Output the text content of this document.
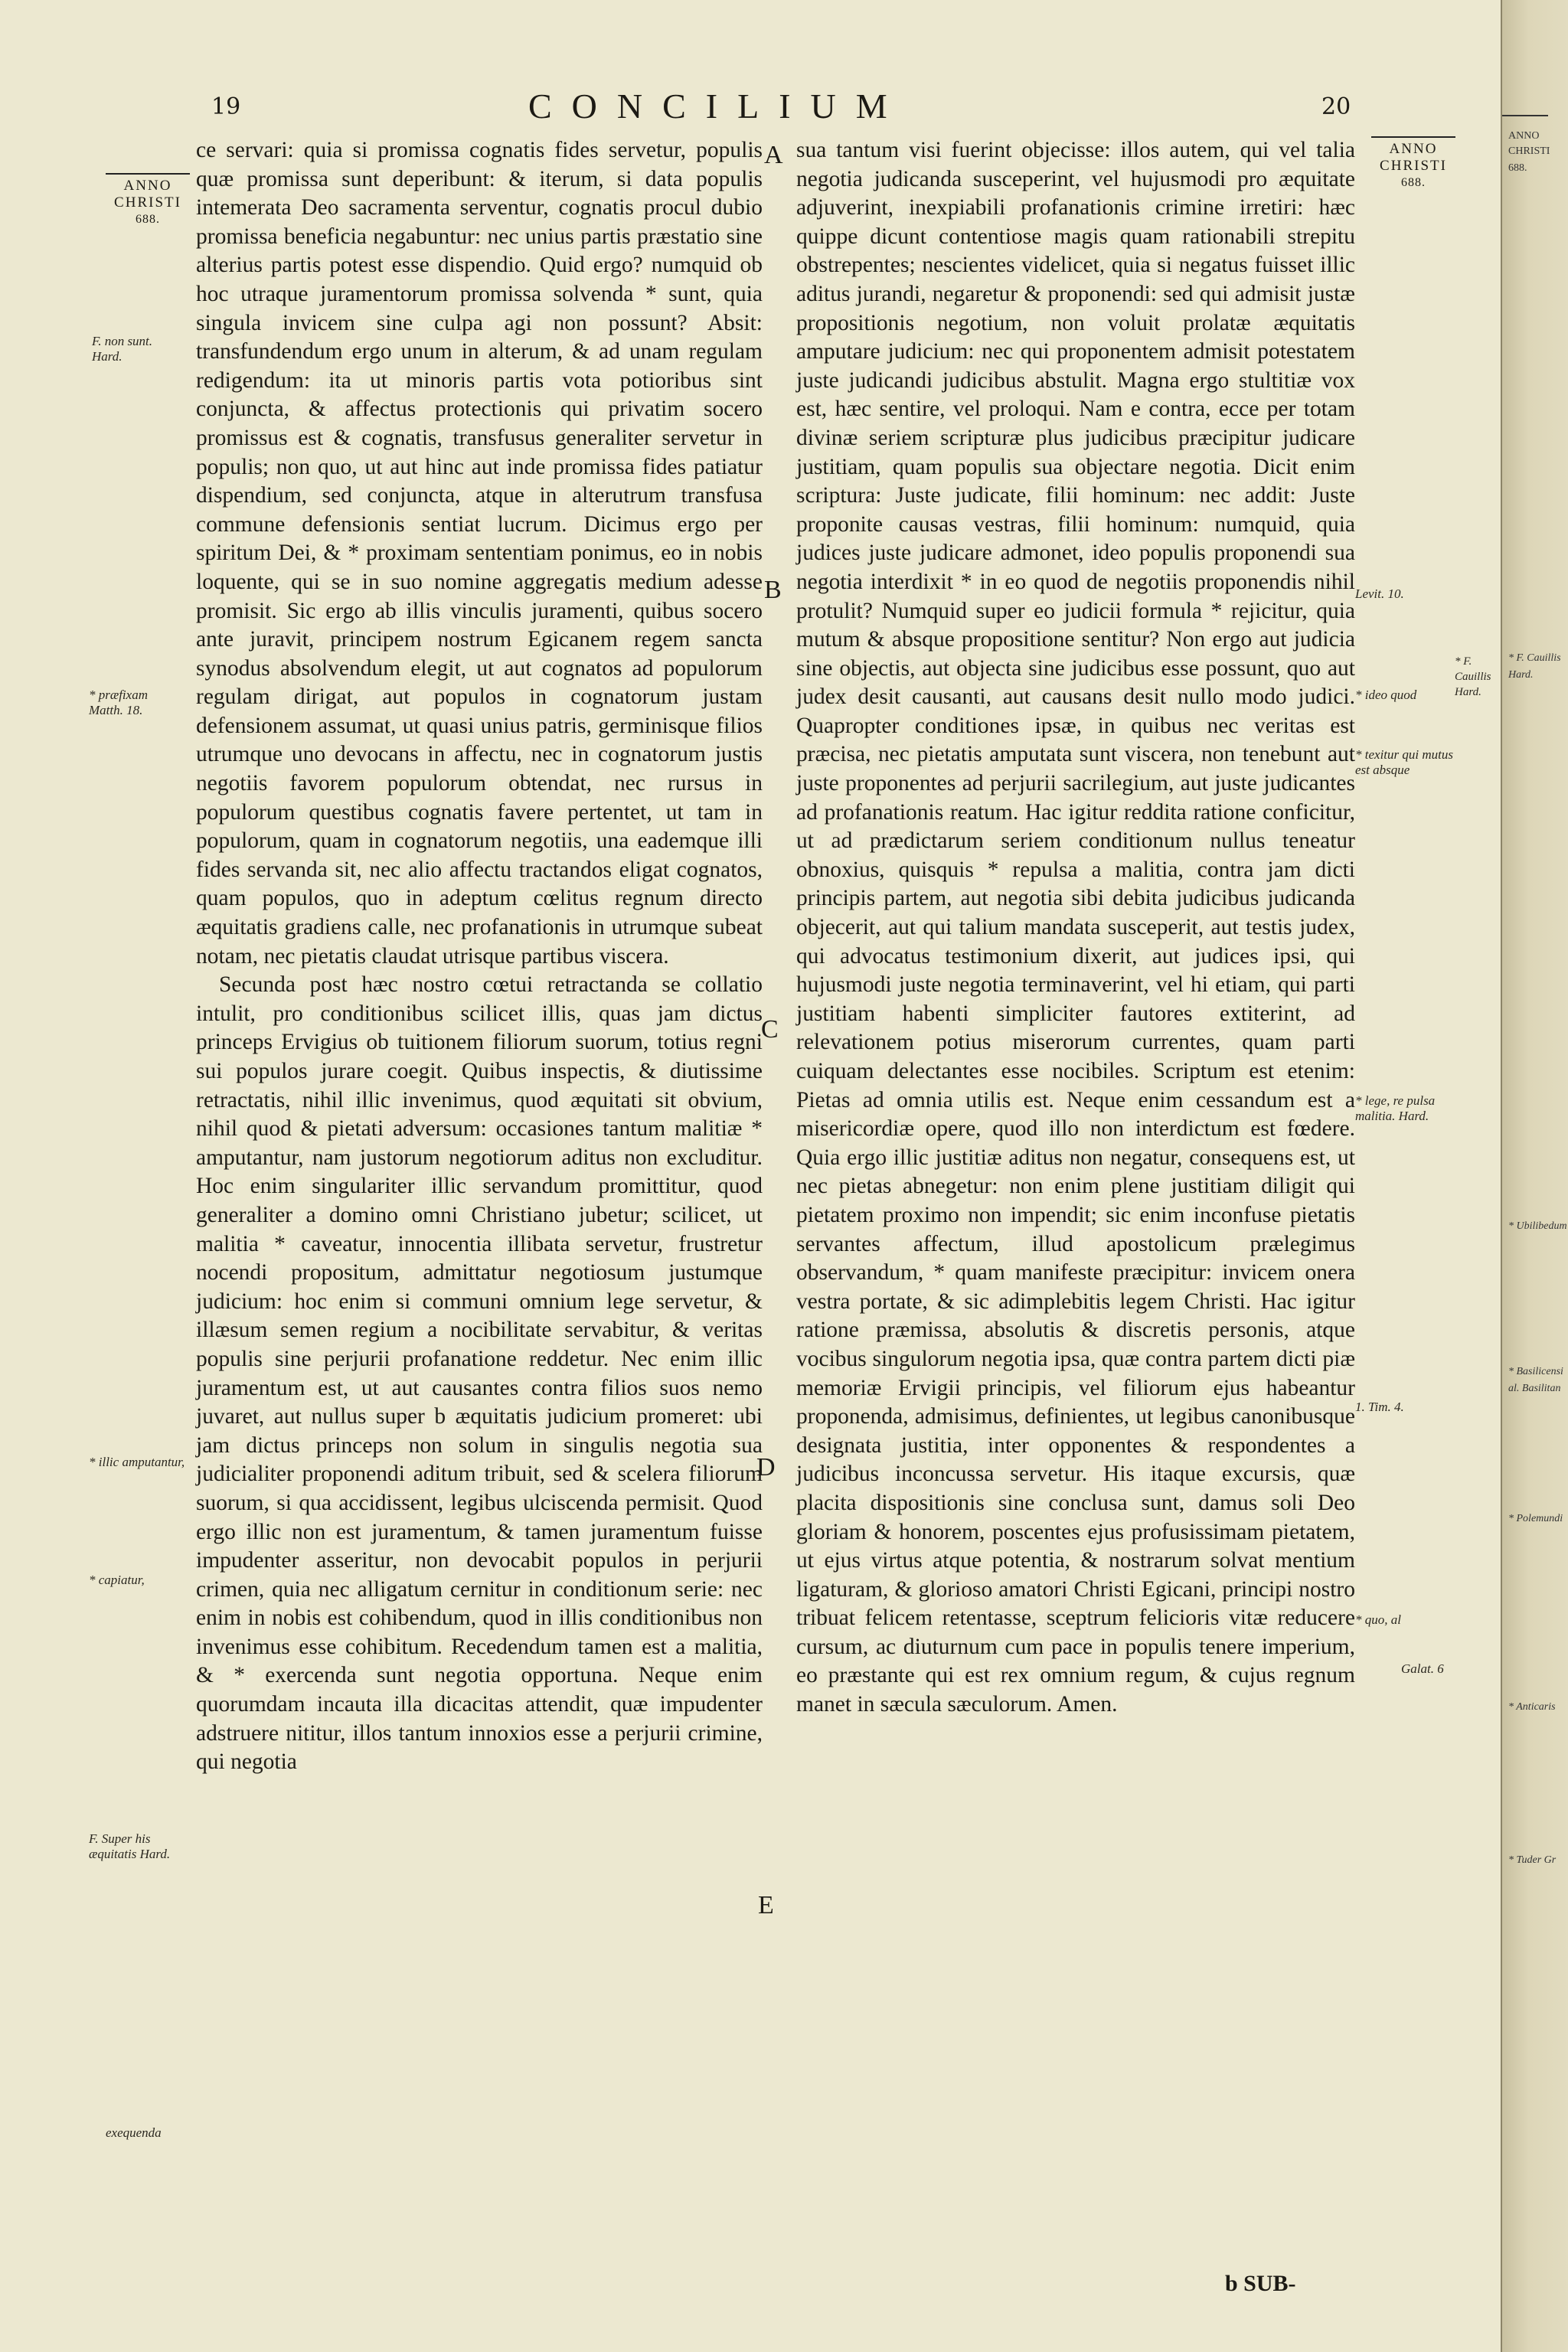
19	CONCILIUM	20
ANNO
CHRISTI
688.
ANNO
CHRISTI
688.
F. non sunt. Hard.
* præfixam Matth. 18.
* illic amputantur,
* capiatur,
F. Super his æquitatis Hard.
exequenda
Levit. 10.
* ideo quod
* texitur qui mutus est absque
* lege, re pulsa malitia. Hard.
1. Tim. 4.
* quo, al
Galat. 6
A
B
C
D
E

ce servari: quia si promissa cognatis fides servetur, populis quæ promissa sunt deperibunt: & iterum, si data populis intemerata Deo sacramenta serventur, cognatis procul dubio promissa beneficia negabuntur: nec unius partis præstatio sine alterius partis potest esse dispendio. Quid ergo? numquid ob hoc utraque juramentorum promissa solvenda * sunt, quia singula invicem sine culpa agi non possunt? Absit: transfundendum ergo unum in alterum, & ad unam regulam redigendum: ita ut minoris partis vota potioribus sint conjuncta, & affectus protectionis qui privatim socero promissus est & cognatis, transfusus generaliter servetur in populis; non quo, ut aut hinc aut inde promissa fides patiatur dispendium, sed conjuncta, atque in alterutrum transfusa commune defensionis sentiat lucrum. Dicimus ergo per spiritum Dei, & * proximam sententiam ponimus, eo in nobis loquente, qui se in suo nomine aggregatis medium adesse promisit. Sic ergo ab illis vinculis juramenti, quibus socero ante juravit, principem nostrum Egicanem regem sancta synodus absolvendum elegit, ut aut cognatos ad populorum regulam dirigat, aut populos in cognatorum justam defensionem assumat, ut quasi unius patris, germinisque filios utrumque uno devocans in affectu, nec in cognatorum justis negotiis favorem populorum obtendat, nec rursus in populorum questibus cognatis favere pertentet, ut tam in populorum, quam in cognatorum negotiis, una eademque illi fides servanda sit, nec alio affectu tractandos eligat cognatos, quam populos, quo in adeptum cœlitus regnum directo æquitatis gradiens calle, nec profanationis in utrumque subeat notam, nec pietatis claudat utrisque partibus viscera.

Secunda post hæc nostro cœtui retractanda se collatio intulit, pro conditionibus scilicet illis, quas jam dictus princeps Ervigius ob tuitionem filiorum suorum, totius regni sui populos jurare coegit. Quibus inspectis, & diutissime retractatis, nihil illic invenimus, quod æquitati sit obvium, nihil quod & pietati adversum: occasiones tantum malitiæ * amputantur, nam justorum negotiorum aditus non excluditur. Hoc enim singulariter illic servandum promittitur, quod generaliter a domino omni Christiano jubetur; scilicet, ut malitia * caveatur, innocentia illibata servetur, frustretur nocendi propositum, admittatur negotiosum justumque judicium: hoc enim si communi omnium lege servetur, & illæsum semen regium a nocibilitate servabitur, & veritas populis sine perjurii profanatione reddetur. Nec enim illic juramentum est, ut aut causantes contra filios suos nemo juvaret, aut nullus super b æquitatis judicium promeret: ubi jam dictus princeps non solum in singulis negotia sua judicialiter proponendi aditum tribuit, sed & scelera filiorum suorum, si qua accidissent, legibus ulciscenda permisit. Quod ergo illic non est juramentum, & tamen juramentum fuisse impudenter asseritur, non devocabit populos in perjurii crimen, quia nec alligatum cernitur in conditionum serie: nec enim in nobis est cohibendum, quod in illis conditionibus non invenimus esse cohibitum. Recedendum tamen est a malitia, & * exercenda sunt negotia opportuna. Neque enim quorumdam incauta illa dicacitas attendit, quæ impudenter adstruere nititur, illos tantum innoxios esse a perjurii crimine, qui negotia

sua tantum visi fuerint objecisse: illos autem, qui vel talia negotia judicanda susceperint, vel hujusmodi pro æquitate adjuverint, inexpiabili profanationis crimine irretiri: hæc quippe dicunt contentiose magis quam rationabili strepitu obstrepentes; nescientes videlicet, quia si negatus fuisset illic aditus jurandi, negaretur & proponendi: sed qui admisit justæ propositionis negotium, non voluit prolatæ æquitatis amputare judicium: nec qui proponentem admisit potestatem juste judicandi judicibus abstulit. Magna ergo stultitiæ vox est, hæc sentire, vel proloqui. Nam e contra, ecce per totam divinæ seriem scripturæ plus judicibus præcipitur judicare justitiam, quam populis sua objectare negotia. Dicit enim scriptura: Juste judicate, filii hominum: nec addit: Juste proponite causas vestras, filii hominum: numquid, quia judices juste judicare admonet, ideo populis proponendi sua negotia interdixit * in eo quod de negotiis proponendis nihil protulit? Numquid super eo judicii formula * rejicitur, quia mutum & absque propositione sentitur? Non ergo aut judicia sine objectis, aut objecta sine judicibus esse possunt, quo aut judex desit causanti, aut causans desit nullo modo judici. Quapropter conditiones ipsæ, in quibus nec veritas est præcisa, nec pietatis amputata sunt viscera, non tenebunt aut juste proponentes ad perjurii sacrilegium, aut juste judicantes ad profanationis reatum. Hac igitur reddita ratione conficitur, ut ad prædictarum seriem conditionum nullus teneatur obnoxius, quisquis * repulsa a malitia, contra jam dicti principis partem, aut negotia sibi debita judicibus judicanda objecerit, aut qui talium mandata susceperit, aut testis judex, qui advocatus testimonium dixerit, aut judices ipsi, qui hujusmodi juste negotia terminaverint, vel hi etiam, qui parti justitiam habenti simpliciter fautores extiterint, ad relevationem potius miserorum currentes, quam parti cuiquam delectantes esse nocibiles. Scriptum est etenim: Pietas ad omnia utilis est. Neque enim cessandum est a misericordiæ opere, quod illo non interdictum est fœdere. Quia ergo illic justitiæ aditus non negatur, consequens est, ut nec pietas abnegetur: non enim plene justitiam diligit qui pietatem proximo non impendit; sic enim inconfuse pietatis servantes affectum, illud apostolicum prælegimus observandum, * quam manifeste præcipitur: invicem onera vestra portate, & sic adimplebitis legem Christi. Hac igitur ratione præmissa, absolutis & discretis personis, atque vocibus singulorum negotia ipsa, quæ contra partem dicti piæ memoriæ Ervigii principis, vel filiorum ejus habeantur proponenda, admisimus, definientes, ut legibus canonibusque designata justitia, inter opponentes & respondentes a judicibus inconcussa servetur. His itaque excursis, quæ placita dispositionis sine conclusa sunt, damus soli Deo gloriam & honorem, poscentes ejus profusissimam pietatem, ut ejus virtus atque potentia, & nostrarum solvat mentium ligaturam, & glorioso amatori Christi Egicani, principi nostro tribuat felicem retentasse, sceptrum felicioris vitæ reducere cursum, ac diuturnum cum pace in populis tenere imperium, eo præstante qui est rex omnium regum, & cujus regnum manet in sæcula sæculorum. Amen.

b SUB-
* F. Cauillis Hard.
ANNO
CHRISTI
688.
* F. Cauillis
Hard.
* Ubilibedum
* Basilicensi
al. Basilitan
* Polemundi
* Anticaris
* Tuder Gr
